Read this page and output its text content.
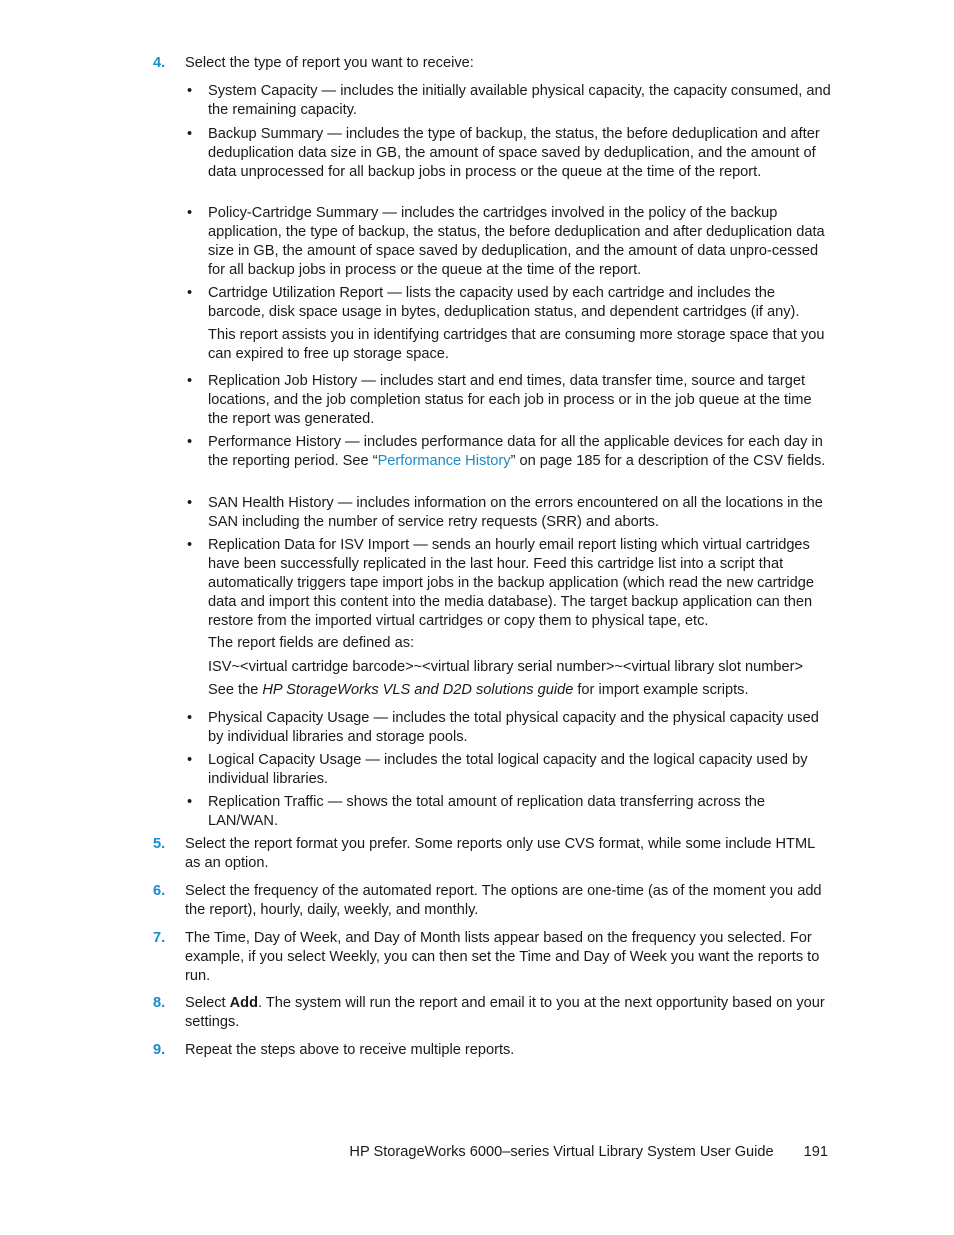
4. Select the type of report you want to receive:
• System Capacity — includes the initially available physical capacity, the capacity consumed, and the remaining capacity.
• Backup Summary — includes the type of backup, the status, the before deduplication and after deduplication data size in GB, the amount of space saved by deduplication, and the amount of data unprocessed for all backup jobs in process or the queue at the time of the report.
• Policy-Cartridge Summary — includes the cartridges involved in the policy of the backup application, the type of backup, the status, the before deduplication and after deduplication data size in GB, the amount of space saved by deduplication, and the amount of data unpro-cessed for all backup jobs in process or the queue at the time of the report.
• Cartridge Utilization Report — lists the capacity used by each cartridge and includes the barcode, disk space usage in bytes, deduplication status, and dependent cartridges (if any).
This report assists you in identifying cartridges that are consuming more storage space that you can expired to free up storage space.
• Replication Job History — includes start and end times, data transfer time, source and target locations, and the job completion status for each job in process or in the job queue at the time the report was generated.
• Performance History — includes performance data for all the applicable devices for each day in the reporting period. See “Performance History” on page 185 for a description of the CSV fields.
• SAN Health History — includes information on the errors encountered on all the locations in the SAN including the number of service retry requests (SRR) and aborts.
• Replication Data for ISV Import — sends an hourly email report listing which virtual cartridges have been successfully replicated in the last hour. Feed this cartridge list into a script that automatically triggers tape import jobs in the backup application (which read the new cartridge data and import this content into the media database). The target backup application can then restore from the imported virtual cartridges or copy them to physical tape, etc.
The report fields are defined as:
ISV~<virtual cartridge barcode>~<virtual library serial number>~<virtual library slot number>
See the HP StorageWorks VLS and D2D solutions guide for import example scripts.
• Physical Capacity Usage — includes the total physical capacity and the physical capacity used by individual libraries and storage pools.
• Logical Capacity Usage — includes the total logical capacity and the logical capacity used by individual libraries.
• Replication Traffic — shows the total amount of replication data transferring across the LAN/WAN.
5. Select the report format you prefer. Some reports only use CVS format, while some include HTML as an option.
6. Select the frequency of the automated report. The options are one-time (as of the moment you add the report), hourly, daily, weekly, and monthly.
7. The Time, Day of Week, and Day of Month lists appear based on the frequency you selected. For example, if you select Weekly, you can then set the Time and Day of Week you want the reports to run.
8. Select Add. The system will run the report and email it to you at the next opportunity based on your settings.
9. Repeat the steps above to receive multiple reports.
HP StorageWorks 6000–series Virtual Library System User Guide 191
